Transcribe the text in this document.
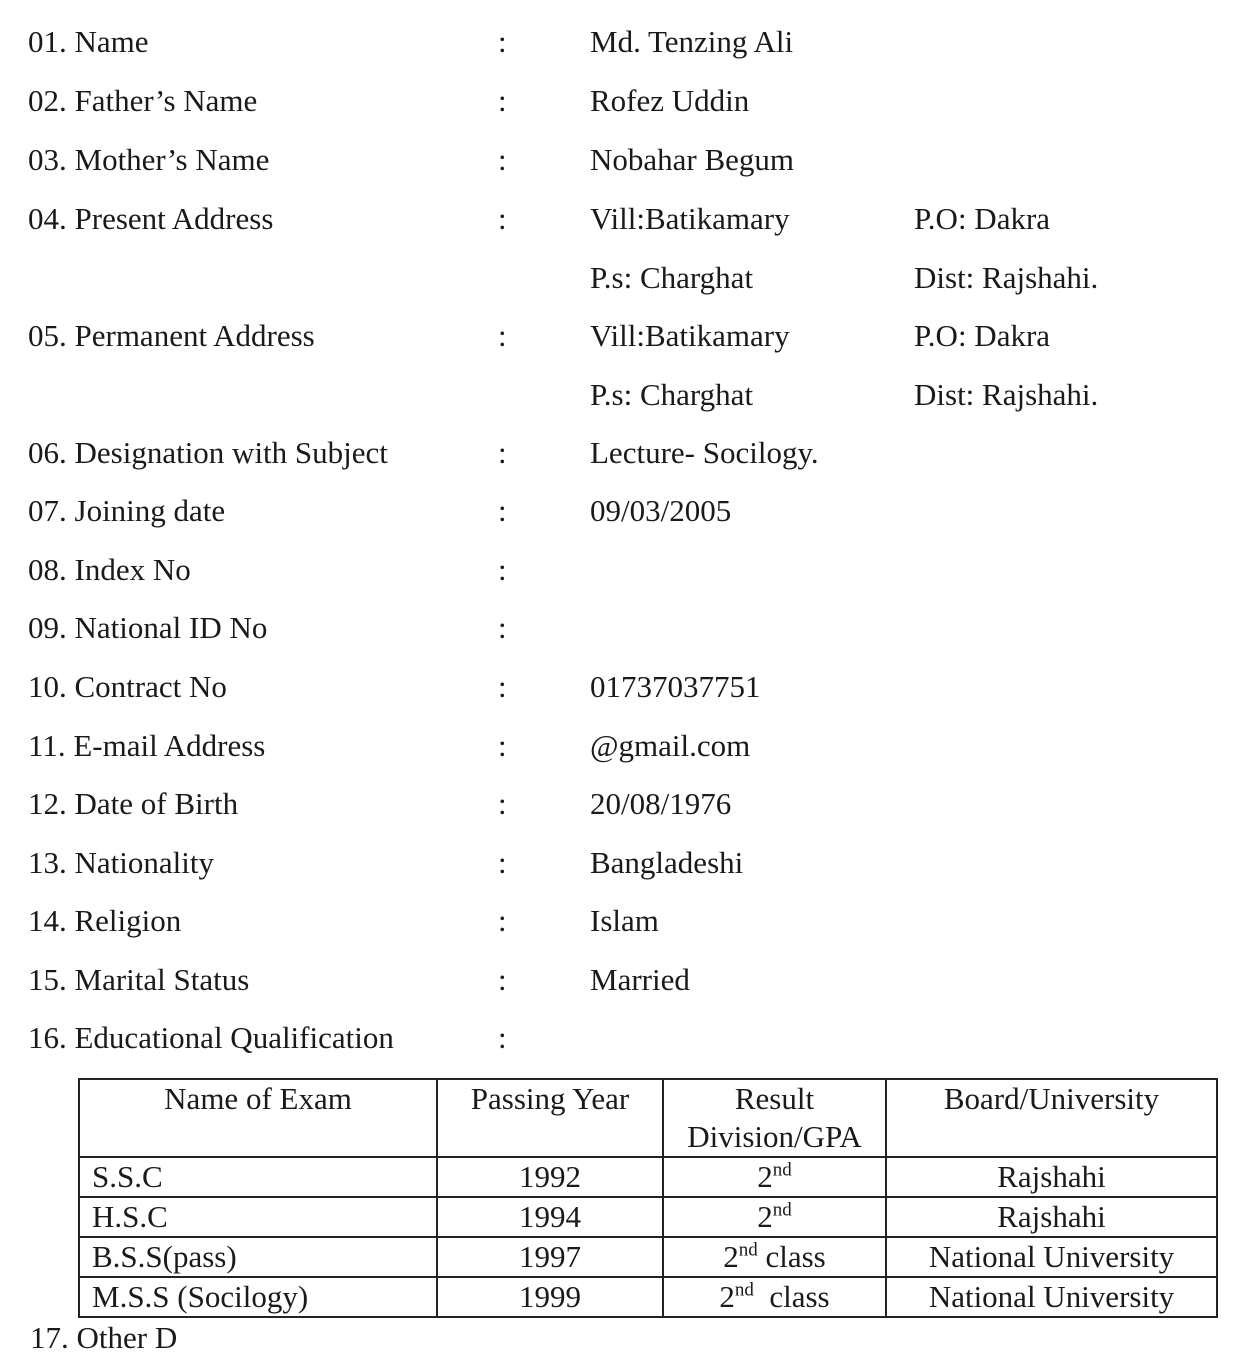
01. Name	:	Md. Tenzing Ali
02. Father’s Name	:	Rofez Uddin
03. Mother’s Name	:	Nobahar Begum
04. Present Address	:	Vill:Batikamary	P.O: Dakra
P.s: Charghat	Dist: Rajshahi.
05. Permanent Address	:	Vill:Batikamary	P.O: Dakra
P.s: Charghat	Dist: Rajshahi.
06. Designation with Subject	:	Lecture- Socilogy.
07. Joining date	:	09/03/2005
08. Index No	:
09. National ID No	:
10. Contract No	:	01737037751
11. E-mail Address	:	@gmail.com
12. Date of Birth	:	20/08/1976
13. Nationality	:	Bangladeshi
14. Religion	:	Islam
15. Marital Status	:	Married
16. Educational Qualification	:
Name of Exam	Passing Year	Result Division/GPA	Board/University
S.S.C	1992	2nd	Rajshahi
H.S.C	1994	2nd	Rajshahi
B.S.S(pass)	1997	2nd class	National University
M.S.S (Socilogy)	1999	2nd  class	National University
17. Other D
